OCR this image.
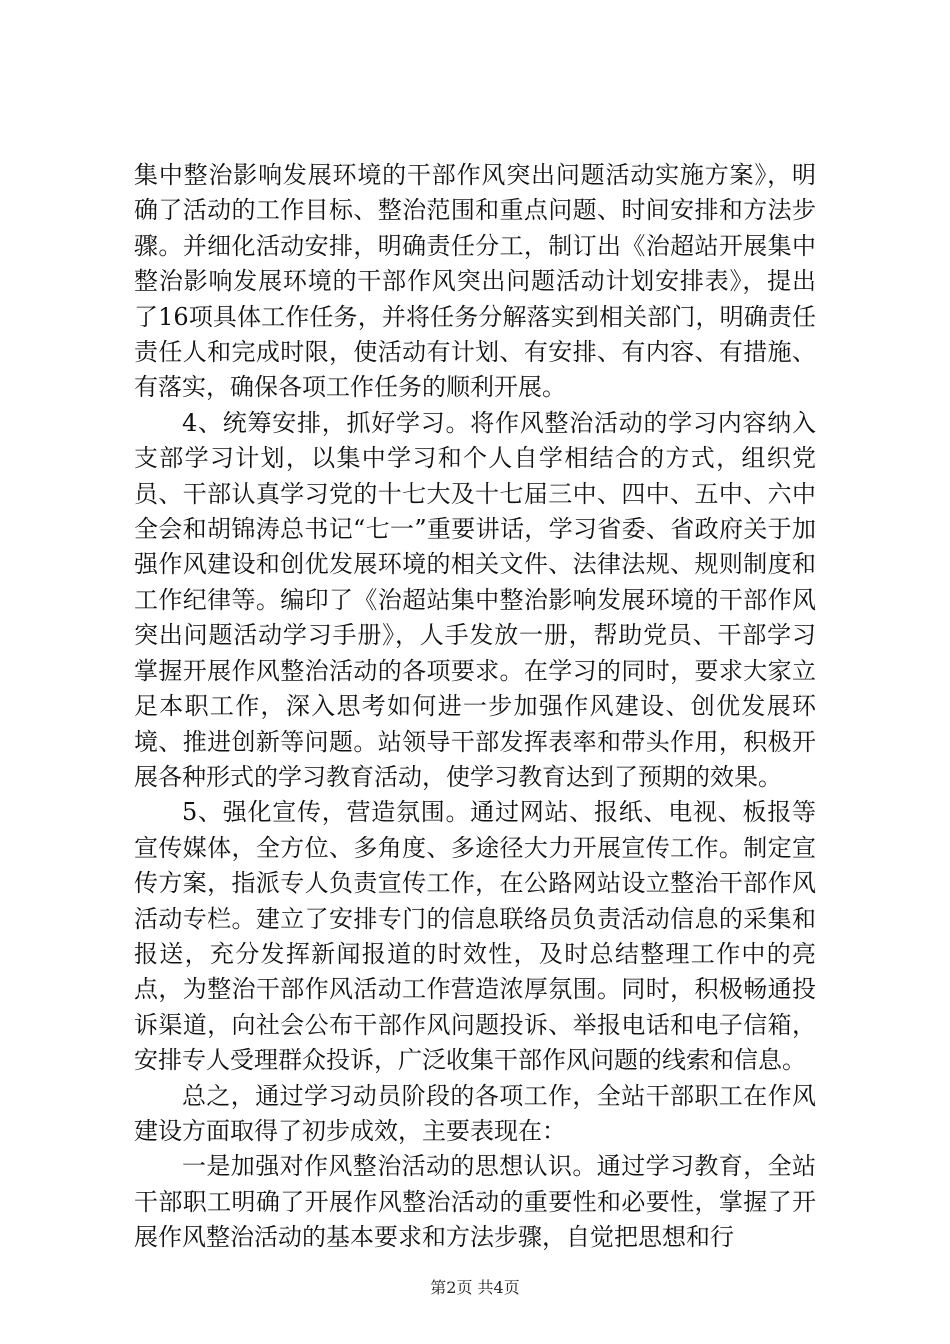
集中整治影响发展环境的干部作风突出问题活动实施方案》，明确了活动的工作目标、整治范围和重点问题、时间安排和方法步骤。并细化活动安排，明确责任分工，制订出《治超站开展集中整治影响发展环境的干部作风突出问题活动计划安排表》，提出了16项具体工作任务，并将任务分解落实到相关部门，明确责任责任人和完成时限，使活动有计划、有安排、有内容、有措施、有落实，确保各项工作任务的顺利开展。

4、统筹安排，抓好学习。将作风整治活动的学习内容纳入支部学习计划，以集中学习和个人自学相结合的方式，组织党员、干部认真学习党的十七大及十七届三中、四中、五中、六中全会和胡锦涛总书记“七一”重要讲话，学习省委、省政府关于加强作风建设和创优发展环境的相关文件、法律法规、规则制度和工作纪律等。编印了《治超站集中整治影响发展环境的干部作风突出问题活动学习手册》，人手发放一册，帮助党员、干部学习掌握开展作风整治活动的各项要求。在学习的同时，要求大家立足本职工作，深入思考如何进一步加强作风建设、创优发展环境、推进创新等问题。站领导干部发挥表率和带头作用，积极开展各种形式的学习教育活动，使学习教育达到了预期的效果。

5、强化宣传，营造氛围。通过网站、报纸、电视、板报等宣传媒体，全方位、多角度、多途径大力开展宣传工作。制定宣传方案，指派专人负责宣传工作，在公路网站设立整治干部作风活动专栏。建立了安排专门的信息联络员负责活动信息的采集和报送，充分发挥新闻报道的时效性，及时总结整理工作中的亮点，为整治干部作风活动工作营造浓厚氛围。同时，积极畅通投诉渠道，向社会公布干部作风问题投诉、举报电话和电子信箱，安排专人受理群众投诉，广泛收集干部作风问题的线索和信息。

总之，通过学习动员阶段的各项工作，全站干部职工在作风建设方面取得了初步成效，主要表现在：

一是加强对作风整治活动的思想认识。通过学习教育，全站干部职工明确了开展作风整治活动的重要性和必要性，掌握了开展作风整治活动的基本要求和方法步骤，自觉把思想和行

第2页 共4页
